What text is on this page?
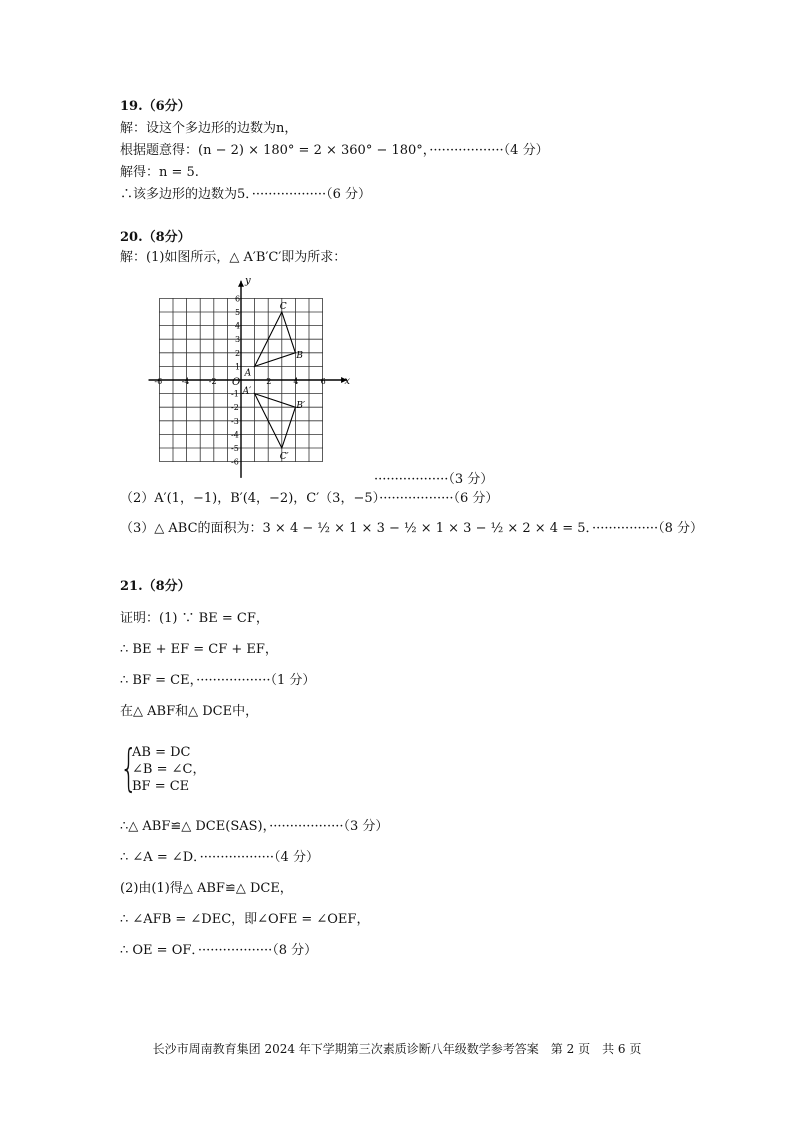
19.（6分）
解：设这个多边形的边数为n，
根据题意得：(n − 2) × 180° = 2 × 360° − 180°，··················（4 分）
解得：n = 5.
∴该多边形的边数为5．··················（6 分）
20.（8分）
解：(1)如图所示，△ A′B′C′即为所求：
-6 -4 -2	2	4	6
6
5
4
3
2
1
-1
-2
-3
-4
-5
-6
x
y
O
A
B
C
A′
B′
C′
··················（3 分）
（2）A′(1，−1)，B′(4，−2)，C′（3，−5）··················（6 分）
（3）△ ABC的面积为：3 × 4 − ½ × 1 × 3 − ½ × 1 × 3 − ½ × 2 × 4 = 5．················（8 分）
21.（8分）
证明：(1) ∵ BE = CF，
∴ BE + EF = CF + EF，
∴ BF = CE，··················（1 分）
在△ ABF和△ DCE中，
{
AB = DC
∠B = ∠C，
BF = CE
∴△ ABF≌△ DCE(SAS)，··················（3 分）
∴ ∠A = ∠D．··················（4 分）
(2)由(1)得△ ABF≌△ DCE，
∴ ∠AFB = ∠DEC，即∠OFE = ∠OEF，
∴ OE = OF．··················（8 分）
长沙市周南教育集团 2024 年下学期第三次素质诊断八年级数学参考答案　第 2 页　共 6 页
